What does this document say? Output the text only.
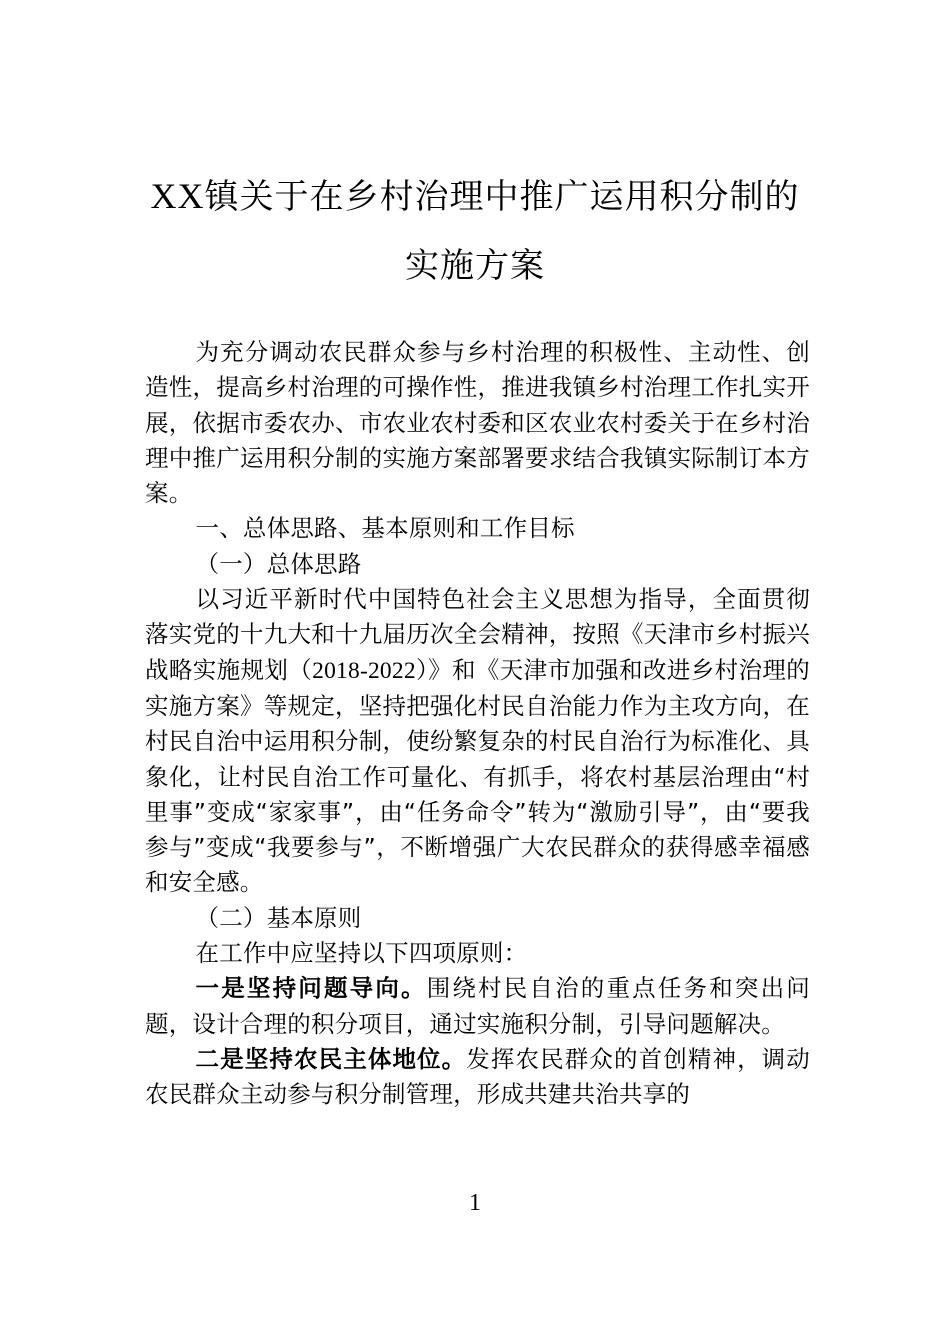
XX镇关于在乡村治理中推广运用积分制的
实施方案

为充分调动农民群众参与乡村治理的积极性、主动性、创造性，提高乡村治理的可操作性，推进我镇乡村治理工作扎实开展，依据市委农办、市农业农村委和区农业农村委关于在乡村治理中推广运用积分制的实施方案部署要求结合我镇实际制订本方案。

一、总体思路、基本原则和工作目标

（一）总体思路

以习近平新时代中国特色社会主义思想为指导，全面贯彻落实党的十九大和十九届历次全会精神，按照《天津市乡村振兴战略实施规划（2018-2022）》和《天津市加强和改进乡村治理的实施方案》等规定，坚持把强化村民自治能力作为主攻方向，在村民自治中运用积分制，使纷繁复杂的村民自治行为标准化、具象化，让村民自治工作可量化、有抓手，将农村基层治理由“村里事”变成“家家事”，由“任务命令”转为“激励引导”，由“要我参与”变成“我要参与”，不断增强广大农民群众的获得感幸福感和安全感。

（二）基本原则

在工作中应坚持以下四项原则：

一是坚持问题导向。围绕村民自治的重点任务和突出问题，设计合理的积分项目，通过实施积分制，引导问题解决。

二是坚持农民主体地位。发挥农民群众的首创精神，调动农民群众主动参与积分制管理，形成共建共治共享的

1
